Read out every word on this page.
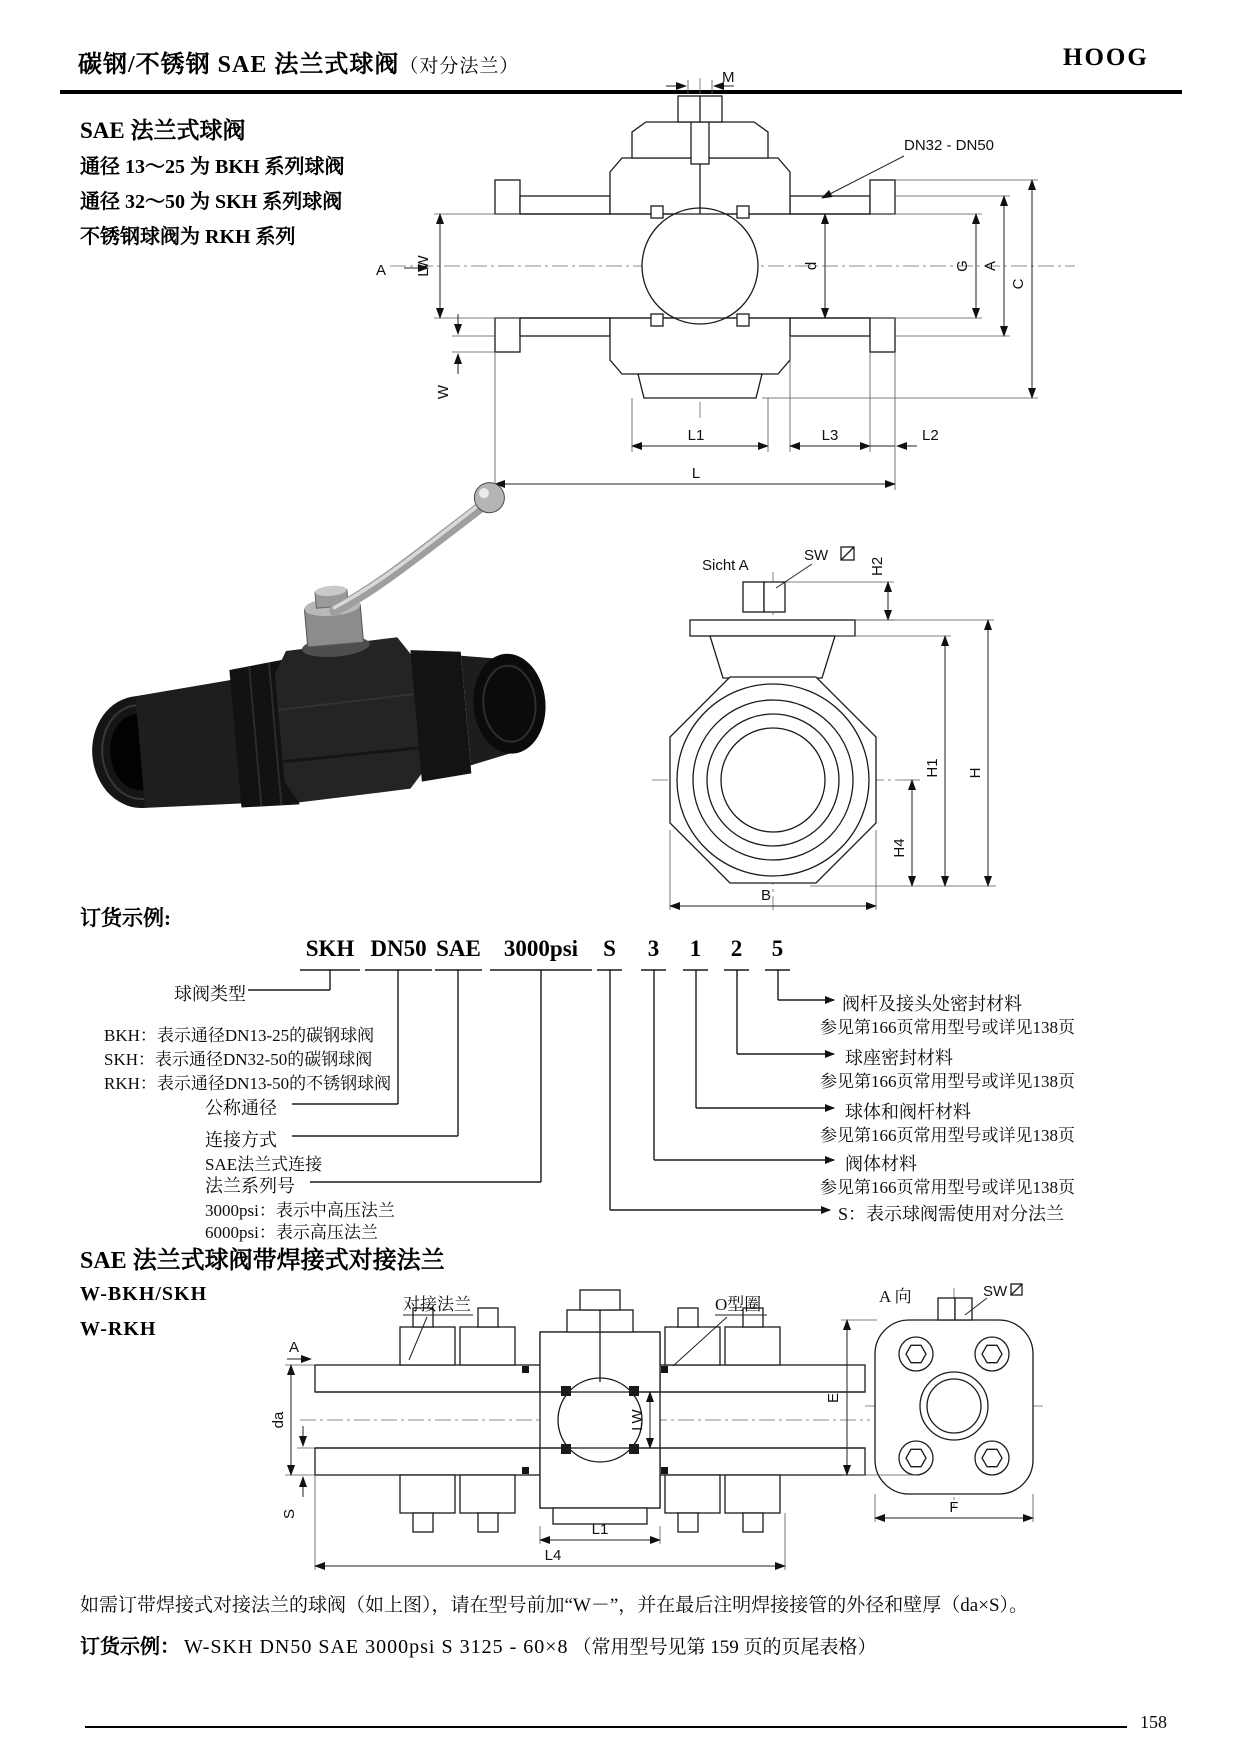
碳钢/不锈钢 SAE 法兰式球阀（对分法兰）	HOOG
SAE 法兰式球阀
通径 13～25 为 BKH 系列球阀
通径 32～50 为 SKH 系列球阀
不锈钢球阀为 RKH 系列
M
DN32 - DN50
A LW
W
d	G A
C
L1	L3	L2
L
Sicht A
SW
H2
H4
H1 H
B
订货示例:
SKH DN50 SAE	3000psi	S 3 1 2 5
球阀类型
BKH：表示通径DN13-25的碳钢球阀
SKH：表示通径DN32-50的碳钢球阀
RKH：表示通径DN13-50的不锈钢球阀
公称通径
连接方式
SAE法兰式连接
法兰系列号
3000psi：表示中高压法兰
6000psi：表示高压法兰
阀杆及接头处密封材料
参见第166页常用型号或详见138页
球座密封材料
参见第166页常用型号或详见138页
球体和阀杆材料
参见第166页常用型号或详见138页
阀体材料
参见第166页常用型号或详见138页
S：表示球阀需使用对分法兰
SAE 法兰式球阀带焊接式对接法兰
W-BKH/SKH
W-RKH
对接法兰	O型圈
A
da
S
LW
L1
L4
A 向	SW
E
F
如需订带焊接式对接法兰的球阀（如上图），请在型号前加“W－”，并在最后注明焊接接管的外径和壁厚（da×S）。
订货示例： W-SKH DN50 SAE 3000psi S 3125 - 60×8 （常用型号见第 159 页的页尾表格）
158
